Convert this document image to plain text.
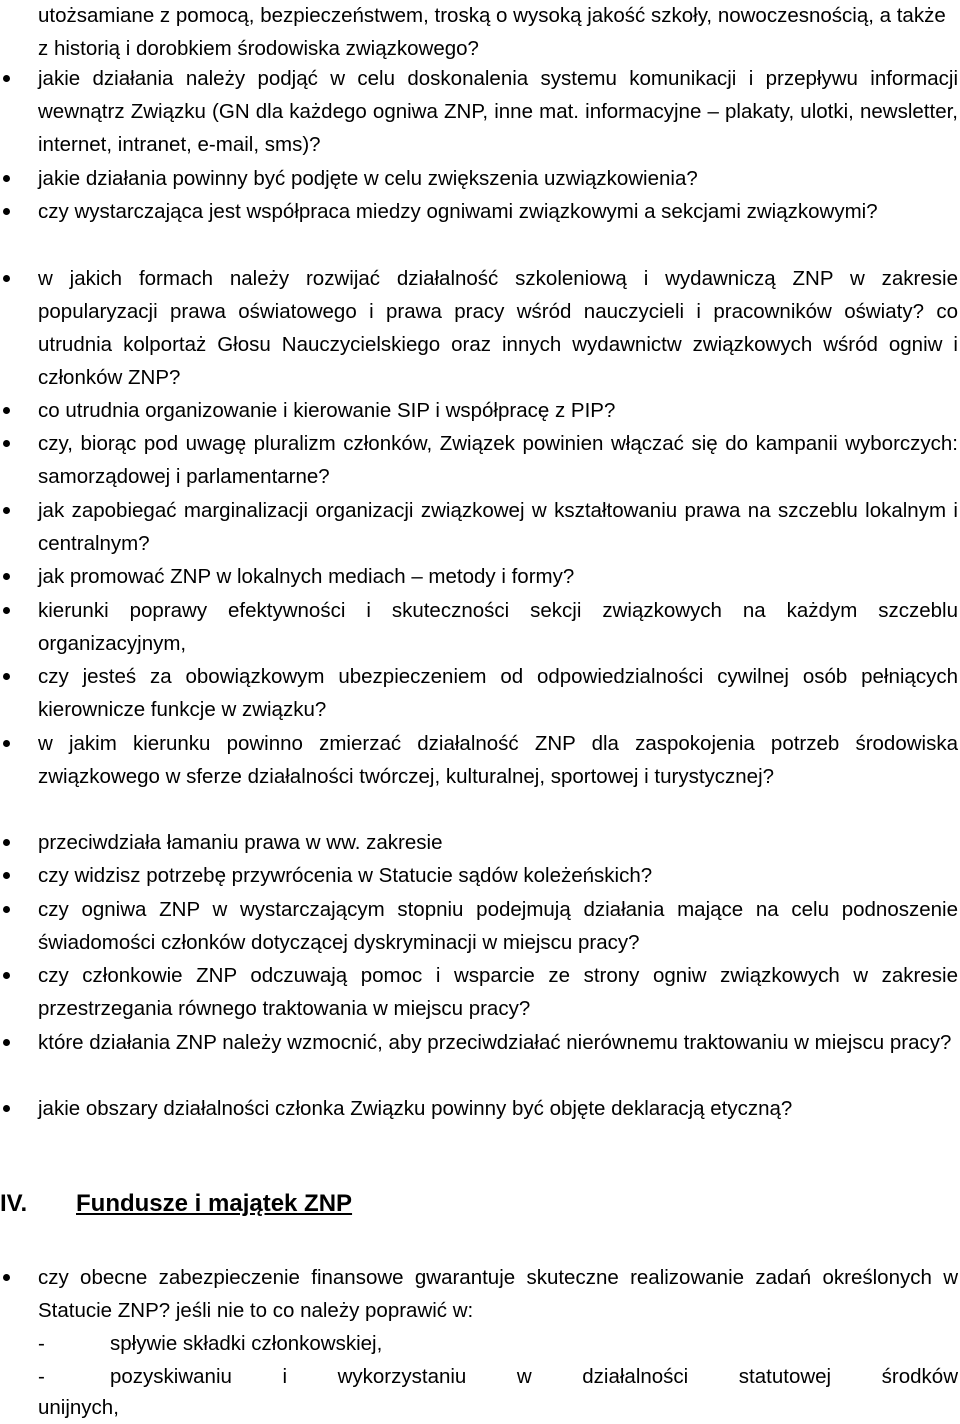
utożsamiane z pomocą, bezpieczeństwem, troską o wysoką jakość szkoły, nowoczesnością, a także z historią i dorobkiem środowiska związkowego?
jakie działania należy podjąć w celu doskonalenia systemu komunikacji i przepływu informacji wewnątrz Związku (GN dla każdego ogniwa ZNP, inne mat. informacyjne – plakaty, ulotki, newsletter, internet, intranet, e-mail, sms)?
jakie działania powinny być podjęte w celu zwiększenia uzwiązkowienia?
czy wystarczająca jest współpraca miedzy ogniwami związkowymi a sekcjami związkowymi?
w jakich formach należy rozwijać działalność szkoleniową i wydawniczą ZNP w zakresie popularyzacji prawa oświatowego i prawa pracy wśród nauczycieli i pracowników oświaty? co utrudnia kolportaż Głosu Nauczycielskiego oraz innych wydawnictw związkowych wśród ogniw i członków ZNP?
co utrudnia organizowanie i kierowanie SIP i współpracę z PIP?
czy, biorąc pod uwagę pluralizm członków, Związek powinien włączać się do kampanii wyborczych: samorządowej i parlamentarne?
jak zapobiegać marginalizacji organizacji związkowej w kształtowaniu prawa na szczeblu lokalnym i centralnym?
jak promować ZNP w lokalnych mediach – metody i formy?
kierunki poprawy efektywności i skuteczności sekcji związkowych na każdym szczeblu organizacyjnym,
czy jesteś za obowiązkowym ubezpieczeniem od odpowiedzialności cywilnej osób pełniących kierownicze funkcje w związku?
w jakim kierunku powinno zmierzać działalność ZNP dla zaspokojenia potrzeb środowiska związkowego w sferze działalności twórczej, kulturalnej, sportowej i turystycznej?
przeciwdziała łamaniu prawa w ww. zakresie
czy widzisz potrzebę przywrócenia w Statucie sądów koleżeńskich?
czy ogniwa ZNP w wystarczającym stopniu podejmują działania mające na celu podnoszenie świadomości członków dotyczącej dyskryminacji w miejscu pracy?
czy członkowie ZNP odczuwają pomoc i wsparcie ze strony ogniw związkowych w zakresie przestrzegania równego traktowania w miejscu pracy?
które działania ZNP należy wzmocnić, aby przeciwdziałać nierównemu traktowaniu w miejscu pracy?
jakie obszary działalności członka Związku powinny być objęte deklaracją etyczną?
IV. Fundusze i majątek ZNP
czy obecne zabezpieczenie finansowe gwarantuje skuteczne realizowanie zadań określonych w Statucie ZNP? jeśli nie to co należy poprawić w:
-	spływie składki członkowskiej,
-	pozyskiwaniu i wykorzystaniu w działalności statutowej środków
unijnych,
